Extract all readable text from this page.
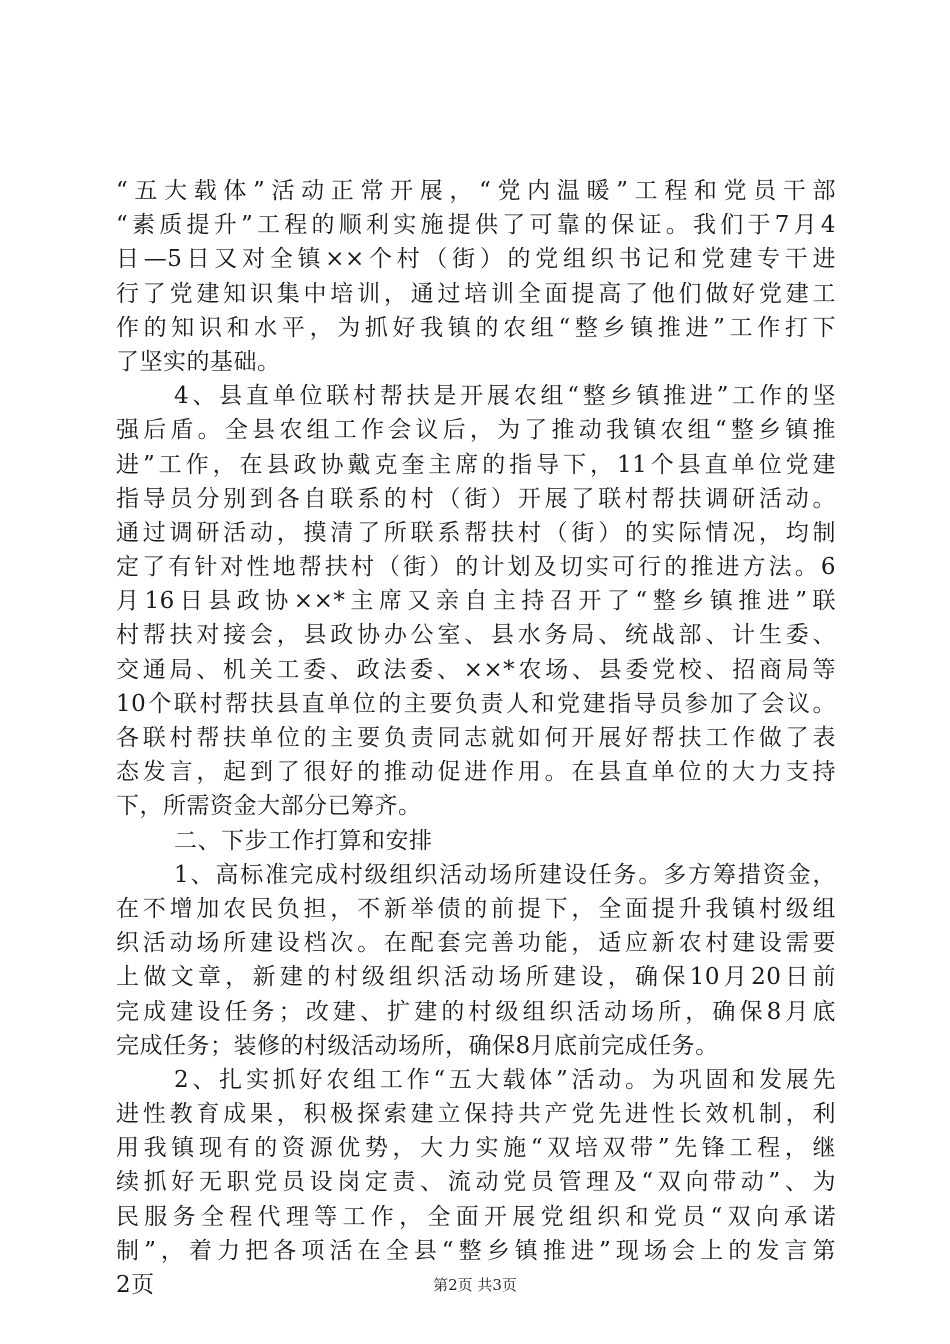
“五大载体”活动正常开展，“党内温暖”工程和党员干部
“素质提升”工程的顺利实施提供了可靠的保证。我们于7月4
日—5日又对全镇××个村（街）的党组织书记和党建专干进
行了党建知识集中培训，通过培训全面提高了他们做好党建工
作的知识和水平，为抓好我镇的农组“整乡镇推进”工作打下
了坚实的基础。
4、县直单位联村帮扶是开展农组“整乡镇推进”工作的坚
强后盾。全县农组工作会议后，为了推动我镇农组“整乡镇推
进”工作，在县政协戴克奎主席的指导下，11个县直单位党建
指导员分别到各自联系的村（街）开展了联村帮扶调研活动。
通过调研活动，摸清了所联系帮扶村（街）的实际情况，均制
定了有针对性地帮扶村（街）的计划及切实可行的推进方法。6
月16日县政协××*主席又亲自主持召开了“整乡镇推进”联
村帮扶对接会，县政协办公室、县水务局、统战部、计生委、
交通局、机关工委、政法委、××*农场、县委党校、招商局等
10个联村帮扶县直单位的主要负责人和党建指导员参加了会议。
各联村帮扶单位的主要负责同志就如何开展好帮扶工作做了表
态发言，起到了很好的推动促进作用。在县直单位的大力支持
下，所需资金大部分已筹齐。
二、下步工作打算和安排
1、高标准完成村级组织活动场所建设任务。多方筹措资金，
在不增加农民负担，不新举债的前提下，全面提升我镇村级组
织活动场所建设档次。在配套完善功能，适应新农村建设需要
上做文章，新建的村级组织活动场所建设，确保10月20日前
完成建设任务；改建、扩建的村级组织活动场所，确保8月底
完成任务；装修的村级活动场所，确保8月底前完成任务。
2、扎实抓好农组工作“五大载体”活动。为巩固和发展先
进性教育成果，积极探索建立保持共产党先进性长效机制，利
用我镇现有的资源优势，大力实施“双培双带”先锋工程，继
续抓好无职党员设岗定责、流动党员管理及“双向带动”、为
民服务全程代理等工作，全面开展党组织和党员“双向承诺
制”，着力把各项活在全县“整乡镇推进”现场会上的发言第
2页	第2页 共3页
